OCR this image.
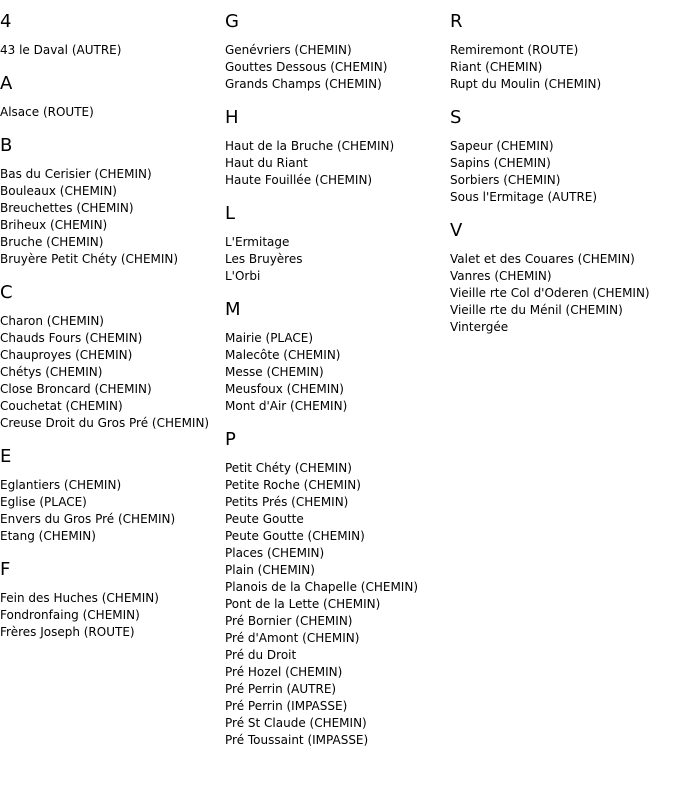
4
43 le Daval (AUTRE)
A
Alsace (ROUTE)
B
Bas du Cerisier (CHEMIN)
Bouleaux (CHEMIN)
Breuchettes (CHEMIN)
Briheux (CHEMIN)
Bruche (CHEMIN)
Bruyère Petit Chéty (CHEMIN)
C
Charon (CHEMIN)
Chauds Fours (CHEMIN)
Chauproyes (CHEMIN)
Chétys (CHEMIN)
Close Broncard (CHEMIN)
Couchetat (CHEMIN)
Creuse Droit du Gros Pré (CHEMIN)
E
Eglantiers (CHEMIN)
Eglise (PLACE)
Envers du Gros Pré (CHEMIN)
Etang (CHEMIN)
F
Fein des Huches (CHEMIN)
Fondronfaing (CHEMIN)
Frères Joseph (ROUTE)
G
Genévriers (CHEMIN)
Gouttes Dessous (CHEMIN)
Grands Champs (CHEMIN)
H
Haut de la Bruche (CHEMIN)
Haut du Riant
Haute Fouillée (CHEMIN)
L
L'Ermitage
Les Bruyères
L'Orbi
M
Mairie (PLACE)
Malecôte (CHEMIN)
Messe (CHEMIN)
Meusfoux (CHEMIN)
Mont d'Air (CHEMIN)
P
Petit Chéty (CHEMIN)
Petite Roche (CHEMIN)
Petits Prés (CHEMIN)
Peute Goutte
Peute Goutte (CHEMIN)
Places (CHEMIN)
Plain (CHEMIN)
Planois de la Chapelle (CHEMIN)
Pont de la Lette (CHEMIN)
Pré Bornier (CHEMIN)
Pré d'Amont (CHEMIN)
Pré du Droit
Pré Hozel (CHEMIN)
Pré Perrin (AUTRE)
Pré Perrin (IMPASSE)
Pré St Claude (CHEMIN)
Pré Toussaint (IMPASSE)
R
Remiremont (ROUTE)
Riant (CHEMIN)
Rupt du Moulin (CHEMIN)
S
Sapeur (CHEMIN)
Sapins (CHEMIN)
Sorbiers (CHEMIN)
Sous l'Ermitage (AUTRE)
V
Valet et des Couares (CHEMIN)
Vanres (CHEMIN)
Vieille rte Col d'Oderen (CHEMIN)
Vieille rte du Ménil (CHEMIN)
Vintergée
